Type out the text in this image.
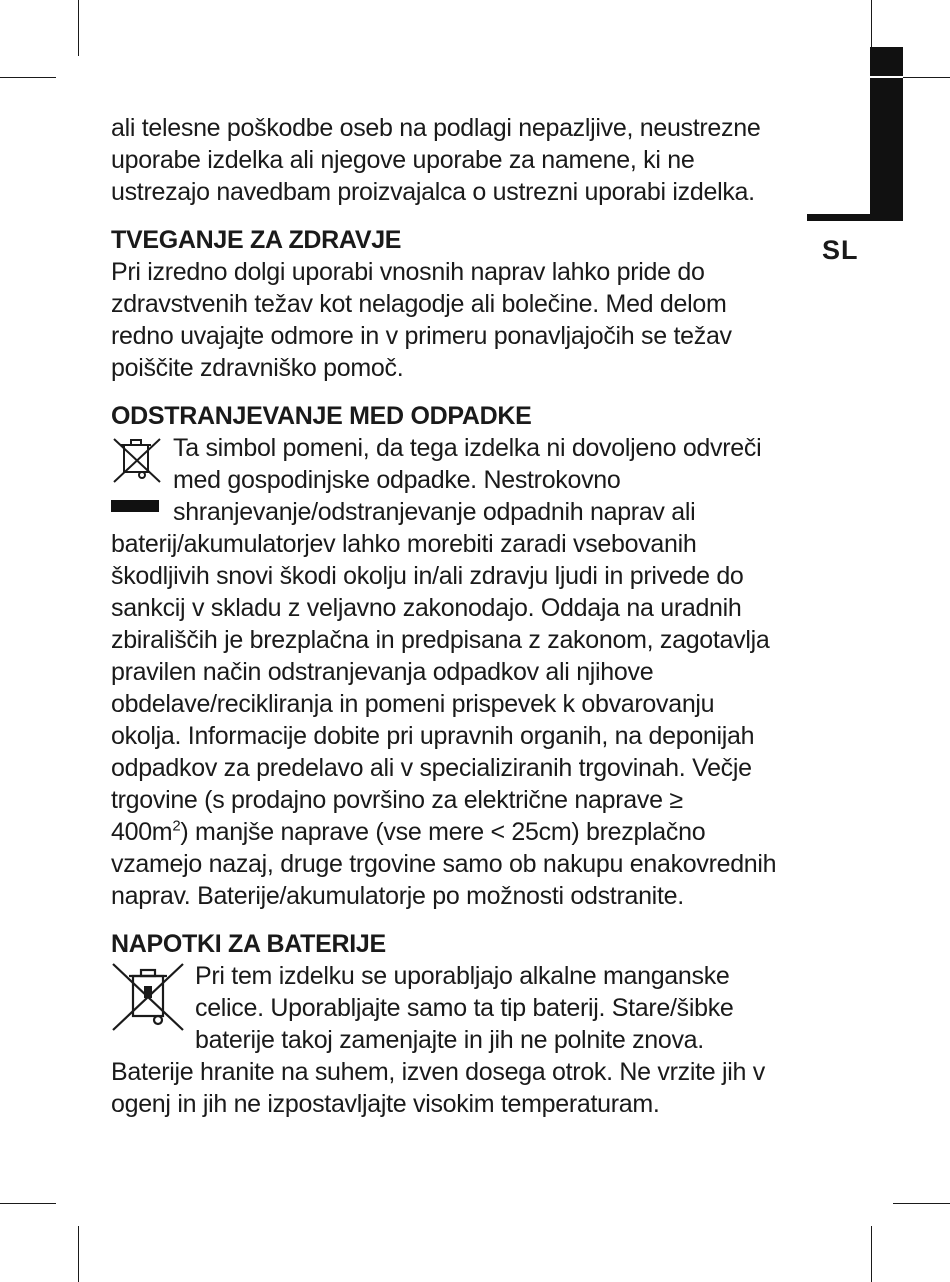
SL

ali telesne poškodbe oseb na podlagi nepazljive, neustrezne uporabe izdelka ali njegove uporabe za namene, ki ne ustrezajo navedbam proizvajalca o ustrezni uporabi izdelka.

TVEGANJE ZA ZDRAVJE

Pri izredno dolgi uporabi vnosnih naprav lahko pride do zdravstvenih težav kot nelagodje ali bolečine. Med delom redno uvajajte odmore in v primeru ponavljajočih se težav poiščite zdravniško pomoč.

ODSTRANJEVANJE MED ODPADKE

Ta simbol pomeni, da tega izdelka ni dovoljeno odvreči med gospodinjske odpadke. Nestrokovno shranjevanje/odstranjevanje odpadnih naprav ali baterij/akumulatorjev lahko morebiti zaradi vsebovanih škodljivih snovi škodi okolju in/ali zdravju ljudi in privede do sankcij v skladu z veljavno zakonodajo. Oddaja na uradnih zbirališčih je brezplačna in predpisana z zakonom, zagotavlja pravilen način odstranjevanja odpadkov ali njihove obdelave/recikliranja in pomeni prispevek k obvarovanju okolja. Informacije dobite pri upravnih organih, na deponijah odpadkov za predelavo ali v specializiranih trgovinah. Večje trgovine (s prodajno površino za električne naprave ≥
$400m^2$) manjše naprave (vse mere < 25cm) brezplačno vzamejo nazaj, druge trgovine samo ob nakupu enakovrednih naprav. Baterije/akumulatorje po možnosti odstranite.

NAPOTKI ZA BATERIJE

Pri tem izdelku se uporabljajo alkalne manganske celice. Uporabljajte samo ta tip baterij. Stare/šibke baterije takoj zamenjajte in jih ne polnite znova. Baterije hranite na suhem, izven dosega otrok. Ne vrzite jih v ogenj in jih ne izpostavljajte visokim temperaturam.
